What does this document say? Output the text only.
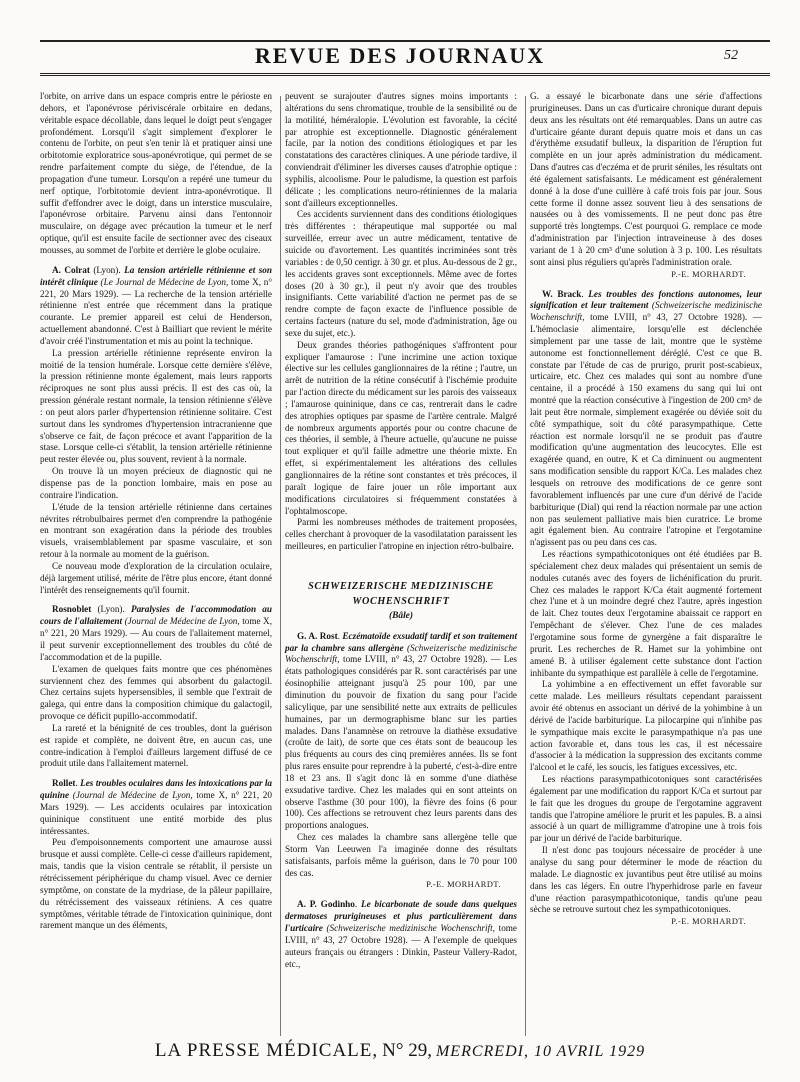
REVUE DES JOURNAUX	52

l'orbite, on arrive dans un espace compris entre le périoste en dehors, et l'aponévrose périviscérale orbitaire en dedans, véritable espace décollable, dans lequel le doigt peut s'engager profondément. Lorsqu'il s'agit simplement d'explorer le contenu de l'orbite, on peut s'en tenir là et pratiquer ainsi une orbitotomie exploratrice sous-aponévrotique, qui permet de se rendre parfaitement compte du siège, de l'étendue, de la propagation d'une tumeur. Lorsqu'on a repéré une tumeur du nerf optique, l'orbitotomie devient intra-aponévrotique. Il suffit d'effondrer avec le doigt, dans un interstice musculaire, l'aponévrose orbitaire. Parvenu ainsi dans l'entonnoir musculaire, on dégage avec précaution la tumeur et le nerf optique, qu'il est ensuite facile de sectionner avec des ciseaux mousses, au sommet de l'orbite et derrière le globe oculaire.

A. Colrat (Lyon). La tension artérielle rétinienne et son intérêt clinique (Le Journal de Médecine de Lyon, tome X, n° 221, 20 Mars 1929). — La recherche de la tension artérielle rétinienne n'est entrée que récemment dans la pratique courante. Le premier appareil est celui de Henderson, actuellement abandonné. C'est à Bailliart que revient le mérite d'avoir créé l'instrumentation et mis au point la technique.

La pression artérielle rétinienne représente environ la moitié de la tension humérale. Lorsque cette dernière s'élève, la pression rétinienne monte également, mais leurs rapports réciproques ne sont plus aussi précis. Il est des cas où, la pression générale restant normale, la tension rétinienne s'élève : on peut alors parler d'hypertension rétinienne solitaire. C'est surtout dans les syndromes d'hypertension intracranienne que s'observe ce fait, de façon précoce et avant l'apparition de la stase. Lorsque celle-ci s'établit, la tension artérielle rétinienne peut rester élevée ou, plus souvent, revient à la normale.

On trouve là un moyen précieux de diagnostic qui ne dispense pas de la ponction lombaire, mais en pose au contraire l'indication.

L'étude de la tension artérielle rétinienne dans certaines névrites rétrobulbaires permet d'en comprendre la pathogénie en montrant son exagération dans la période des troubles visuels, vraisemblablement par spasme vasculaire, et son retour à la normale au moment de la guérison.

Ce nouveau mode d'exploration de la circulation oculaire, déjà largement utilisé, mérite de l'être plus encore, étant donné l'intérêt des renseignements qu'il fournit.

Rosnoblet (Lyon). Paralysies de l'accommodation au cours de l'allaitement (Journal de Médecine de Lyon, tome X, n° 221, 20 Mars 1929). — Au cours de l'allaitement maternel, il peut survenir exceptionnellement des troubles du côté de l'accommodation et de la pupille.

L'examen de quelques faits montre que ces phénomènes surviennent chez des femmes qui absorbent du galactogil. Chez certains sujets hypersensibles, il semble que l'extrait de galega, qui entre dans la composition chimique du galactogil, provoque ce déficit pupillo-accommodatif.

La rareté et la bénignité de ces troubles, dont la guérison est rapide et complète, ne doivent être, en aucun cas, une contre-indication à l'emploi d'ailleurs largement diffusé de ce produit utile dans l'allaitement maternel.

Rollet. Les troubles oculaires dans les intoxications par la quinine (Journal de Médecine de Lyon, tome X, n° 221, 20 Mars 1929). — Les accidents oculaires par intoxication quininique constituent une entité morbide des plus intéressantes.

Peu d'empoisonnements comportent une amaurose aussi brusque et aussi complète. Celle-ci cesse d'ailleurs rapidement, mais, tandis que la vision centrale se rétablit, il persiste un rétrécissement périphérique du champ visuel. Avec ce dernier symptôme, on constate de la mydriase, de la pâleur papillaire, du rétrécissement des vaisseaux rétiniens. A ces quatre symptômes, véritable tétrade de l'intoxication quininique, dont rarement manque un des éléments,

peuvent se surajouter d'autres signes moins importants : altérations du sens chromatique, trouble de la sensibilité ou de la motilité, héméralopie. L'évolution est favorable, la cécité par atrophie est exceptionnelle. Diagnostic généralement facile, par la notion des conditions étiologiques et par les constatations des caractères cliniques. A une période tardive, il conviendrait d'éliminer les diverses causes d'atrophie optique : syphilis, alcoolisme. Pour le paludisme, la question est parfois délicate ; les complications neuro-rétiniennes de la malaria sont d'ailleurs exceptionnelles.

Ces accidents surviennent dans des conditions étiologiques très différentes : thérapeutique mal supportée ou mal surveillée, erreur avec un autre médicament, tentative de suicide ou d'avortement. Les quantités incriminées sont très variables : de 0,50 centigr. à 30 gr. et plus. Au-dessous de 2 gr., les accidents graves sont exceptionnels. Même avec de fortes doses (20 à 30 gr.), il peut n'y avoir que des troubles insignifiants. Cette variabilité d'action ne permet pas de se rendre compte de façon exacte de l'influence possible de certains facteurs (nature du sel, mode d'administration, âge ou sexe du sujet, etc.).

Deux grandes théories pathogéniques s'affrontent pour expliquer l'amaurose : l'une incrimine une action toxique élective sur les cellules ganglionnaires de la rétine ; l'autre, un arrêt de nutrition de la rétine consécutif à l'ischémie produite par l'action directe du médicament sur les parois des vaisseaux ; l'amaurose quininique, dans ce cas, rentrerait dans le cadre des atrophies optiques par spasme de l'artère centrale. Malgré de nombreux arguments apportés pour ou contre chacune de ces théories, il semble, à l'heure actuelle, qu'aucune ne puisse tout expliquer et qu'il faille admettre une théorie mixte. En effet, si expérimentalement les altérations des cellules ganglionnaires de la rétine sont constantes et très précoces, il paraît logique de faire jouer un rôle important aux modifications circulatoires si fréquemment constatées à l'ophtalmoscope.

Parmi les nombreuses méthodes de traitement proposées, celles cherchant à provoquer de la vasodilatation paraissent les meilleures, en particulier l'atropine en injection rétro-bulbaire.

SCHWEIZERISCHE MEDIZINISCHE WOCHENSCHRIFT
(Bâle)

G. A. Rost. Eczématoïde exsudatif tardif et son traitement par la chambre sans allergène (Schweizerische medizinische Wochenschrift, tome LVIII, n° 43, 27 Octobre 1928). — Les états pathologiques considérés par R. sont caractérisés par une éosinophilie atteignant jusqu'à 25 pour 100, par une diminution du pouvoir de fixation du sang pour l'acide salicylique, par une sensibilité nette aux extraits de pellicules humaines, par un dermographisme blanc sur les parties malades. Dans l'anamnèse on retrouve la diathèse exsudative (croûte de lait), de sorte que ces états sont de beaucoup les plus fréquents au cours des cinq premières années. Ils se font plus rares ensuite pour reprendre à la puberté, c'est-à-dire entre 18 et 23 ans. Il s'agit donc là en somme d'une diathèse exsudative tardive. Chez les malades qui en sont atteints on observe l'asthme (30 pour 100), la fièvre des foins (6 pour 100). Ces affections se retrouvent chez leurs parents dans des proportions analogues.

Chez ces malades la chambre sans allergène telle que Storm Van Leeuwen l'a imaginée donne des résultats satisfaisants, parfois même la guérison, dans le 70 pour 100 des cas.

P.-E. MORHARDT.

A. P. Godinho. Le bicarbonate de soude dans quelques dermatoses prurigineuses et plus particulièrement dans l'urticaire (Schweizerische medizinische Wochenschrift, tome LVIII, n° 43, 27 Octobre 1928). — A l'exemple de quelques auteurs français ou étrangers : Dinkin, Pasteur Vallery-Radot, etc.,

G. a essayé le bicarbonate dans une série d'affections prurigineuses. Dans un cas d'urticaire chronique durant depuis deux ans les résultats ont été remarquables. Dans un autre cas d'urticaire géante durant depuis quatre mois et dans un cas d'érythème exsudatif bulleux, la disparition de l'éruption fut complète en un jour après administration du médicament. Dans d'autres cas d'eczéma et de prurit séniles, les résultats ont été également satisfaisants. Le médicament est généralement donné à la dose d'une cuillère à café trois fois par jour. Sous cette forme il donne assez souvent lieu à des sensations de nausées ou à des vomissements. Il ne peut donc pas être supporté très longtemps. C'est pourquoi G. remplace ce mode d'administration par l'injection intraveineuse à des doses variant de 1 à 20 cm³ d'une solution à 3 p. 100. Les résultats sont ainsi plus réguliers qu'après l'administration orale.

P.-E. MORHARDT.

W. Brack. Les troubles des fonctions autonomes, leur signification et leur traitement (Schweizerische medizinische Wochenschrift, tome LVIII, n° 43, 27 Octobre 1928). — L'hémoclasie alimentaire, lorsqu'elle est déclenchée simplement par une tasse de lait, montre que le système autonome est fonctionnellement déréglé. C'est ce que B. constate par l'étude de cas de prurigo, prurit post-scabieux, urticaire, etc. Chez ces malades qui sont au nombre d'une centaine, il a procédé à 150 examens du sang qui lui ont montré que la réaction consécutive à l'ingestion de 200 cm³ de lait peut être normale, simplement exagérée ou déviée soit du côté sympathique, soit du côté parasympathique. Cette réaction est normale lorsqu'il ne se produit pas d'autre modification qu'une augmentation des leucocytes. Elle est exagérée quand, en outre, K et Ca diminuent ou augmentent sans modification sensible du rapport K/Ca. Les malades chez lesquels on retrouve des modifications de ce genre sont favorablement influencés par une cure d'un dérivé de l'acide barbiturique (Dial) qui rend la réaction normale par une action non pas seulement palliative mais bien curatrice. Le brome agit également bien. Au contraire l'atropine et l'ergotamine n'agissent pas ou peu dans ces cas.

Les réactions sympathicotoniques ont été étudiées par B. spécialement chez deux malades qui présentaient un semis de nodules cutanés avec des foyers de lichénification du prurit. Chez ces malades le rapport K/Ca était augmenté fortement chez l'une et à un moindre degré chez l'autre, après ingestion de lait. Chez toutes deux l'ergotamine abaissait ce rapport en l'empêchant de s'élever. Chez l'une de ces malades l'ergotamine sous forme de gynergène a fait disparaître le prurit. Les recherches de R. Hamet sur la yohimbine ont amené B. à utiliser également cette substance dont l'action inhibante du sympathique est parallèle à celle de l'ergotamine.

La yohimbine a en effectivement un effet favorable sur cette malade. Les meilleurs résultats cependant paraissent avoir été obtenus en associant un dérivé de la yohimbine à un dérivé de l'acide barbiturique. La pilocarpine qui n'inhibe pas le sympathique mais excite le parasympathique n'a pas une action favorable et, dans tous les cas, il est nécessaire d'associer à la médication la suppression des excitants comme l'alcool et le café, les soucis, les fatigues excessives, etc.

Les réactions parasympathicotoniques sont caractérisées également par une modification du rapport K/Ca et surtout par le fait que les drogues du groupe de l'ergotamine aggravent tandis que l'atropine améliore le prurit et les papules. B. a ainsi associé à un quart de milligramme d'atropine une à trois fois par jour un dérivé de l'acide barbiturique.

Il n'est donc pas toujours nécessaire de procéder à une analyse du sang pour déterminer le mode de réaction du malade. Le diagnostic ex juvantibus peut être utilisé au moins dans les cas légers. En outre l'hyperhidrose parle en faveur d'une réaction parasympathicotonique, tandis qu'une peau sèche se retrouve surtout chez les sympathicotoniques.

P.-E. MORHARDT.

LA PRESSE MÉDICALE, N° 29, MERCREDI, 10 AVRIL 1929
